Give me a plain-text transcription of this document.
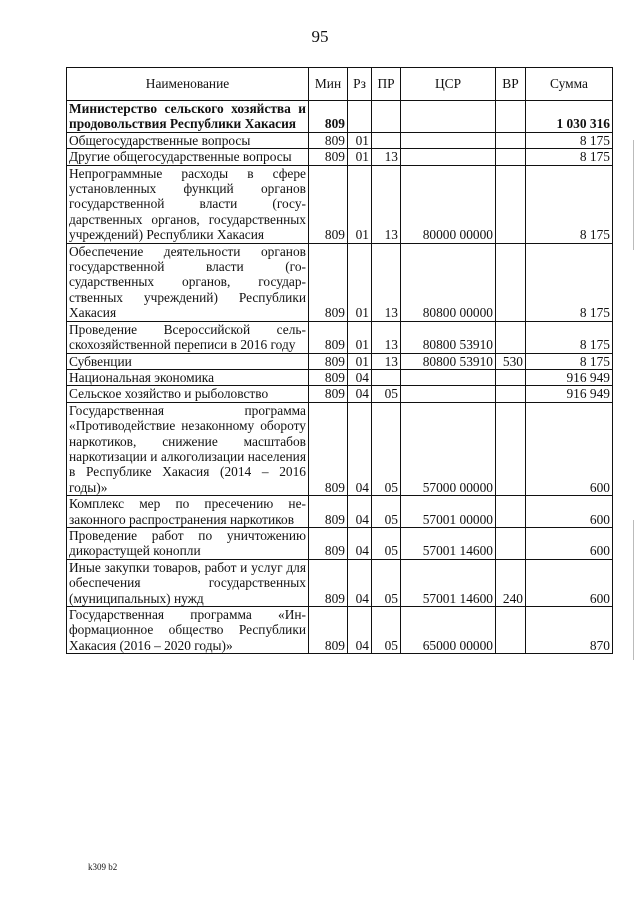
95
Наименование	Мин	Рз	ПР	ЦСР	ВР	Сумма
Министерство сельского хозяйства и продовольствия Республики Хакасия	809					1 030 316
Общегосударственные вопросы	809	01				8 175
Другие общегосударственные вопросы	809	01	13			8 175
Непрограммные расходы в сфере установленных функций органов государственной власти (государственных органов, государственных учреждений) Республики Хакасия	809	01	13	80000 00000		8 175
Обеспечение деятельности органов государственной власти (государственных органов, государственных учреждений) Республики Хакасия	809	01	13	80800 00000		8 175
Проведение Всероссийской сельскохозяйственной переписи в 2016 году	809	01	13	80800 53910		8 175
Субвенции	809	01	13	80800 53910	530	8 175
Национальная экономика	809	04				916 949
Сельское хозяйство и рыболовство	809	04	05			916 949
Государственная программа «Противодействие незаконному обороту наркотиков, снижение масштабов наркотизации и алкоголизации населения в Республике Хакасия (2014 – 2016 годы)»	809	04	05	57000 00000		600
Комплекс мер по пресечению незаконного распространения наркотиков	809	04	05	57001 00000		600
Проведение работ по уничтожению дикорастущей конопли	809	04	05	57001 14600		600
Иные закупки товаров, работ и услуг для обеспечения государственных (муниципальных) нужд	809	04	05	57001 14600	240	600
Государственная программа «Информационное общество Республики Хакасия (2016 – 2020 годы)»	809	04	05	65000 00000		870
k309 b2
